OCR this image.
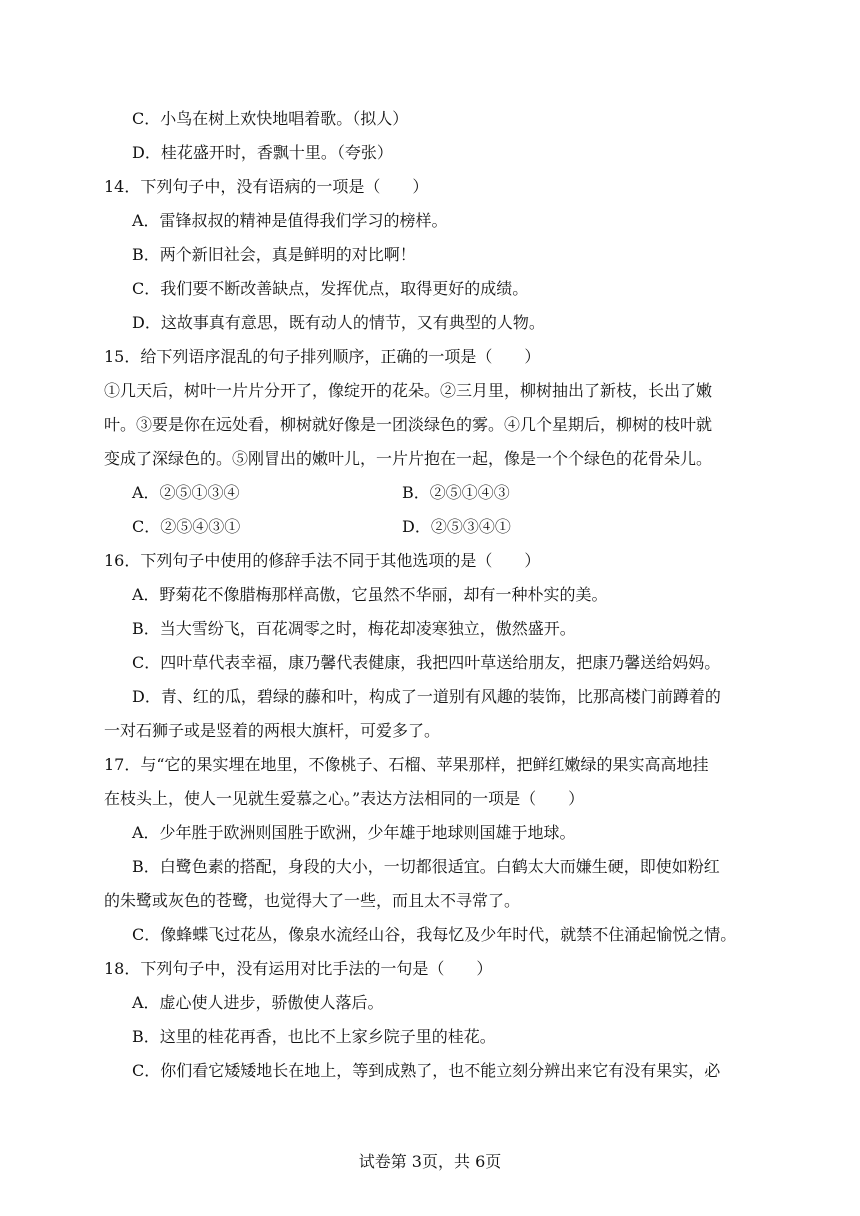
C．小鸟在树上欢快地唱着歌。（拟人）
D．桂花盛开时，香飘十里。（夸张）
14．下列句子中，没有语病的一项是（　　）
A．雷锋叔叔的精神是值得我们学习的榜样。
B．两个新旧社会，真是鲜明的对比啊！
C．我们要不断改善缺点，发挥优点，取得更好的成绩。
D．这故事真有意思，既有动人的情节，又有典型的人物。
15．给下列语序混乱的句子排列顺序，正确的一项是（　　）
①几天后，树叶一片片分开了，像绽开的花朵。②三月里，柳树抽出了新枝，长出了嫩
叶。③要是你在远处看，柳树就好像是一团淡绿色的雾。④几个星期后，柳树的枝叶就
变成了深绿色的。⑤刚冒出的嫩叶儿，一片片抱在一起，像是一个个绿色的花骨朵儿。
A．②⑤①③④	B．②⑤①④③
C．②⑤④③①	D．②⑤③④①
16．下列句子中使用的修辞手法不同于其他选项的是（　　）
A．野菊花不像腊梅那样高傲，它虽然不华丽，却有一种朴实的美。
B．当大雪纷飞，百花凋零之时，梅花却凌寒独立，傲然盛开。
C．四叶草代表幸福，康乃馨代表健康，我把四叶草送给朋友，把康乃馨送给妈妈。
D．青、红的瓜，碧绿的藤和叶，构成了一道别有风趣的装饰，比那高楼门前蹲着的
一对石狮子或是竖着的两根大旗杆，可爱多了。
17．与“它的果实埋在地里，不像桃子、石榴、苹果那样，把鲜红嫩绿的果实高高地挂
在枝头上，使人一见就生爱慕之心。”表达方法相同的一项是（　　）
A．少年胜于欧洲则国胜于欧洲，少年雄于地球则国雄于地球。
B．白鹭色素的搭配，身段的大小，一切都很适宜。白鹤太大而嫌生硬，即使如粉红
的朱鹭或灰色的苍鹭，也觉得大了一些，而且太不寻常了。
C．像蜂蝶飞过花丛，像泉水流经山谷，我每忆及少年时代，就禁不住涌起愉悦之情。
18．下列句子中，没有运用对比手法的一句是（　　）
A．虚心使人进步，骄傲使人落后。
B．这里的桂花再香，也比不上家乡院子里的桂花。
C．你们看它矮矮地长在地上，等到成熟了，也不能立刻分辨出来它有没有果实，必
试卷第 3页，共 6页
